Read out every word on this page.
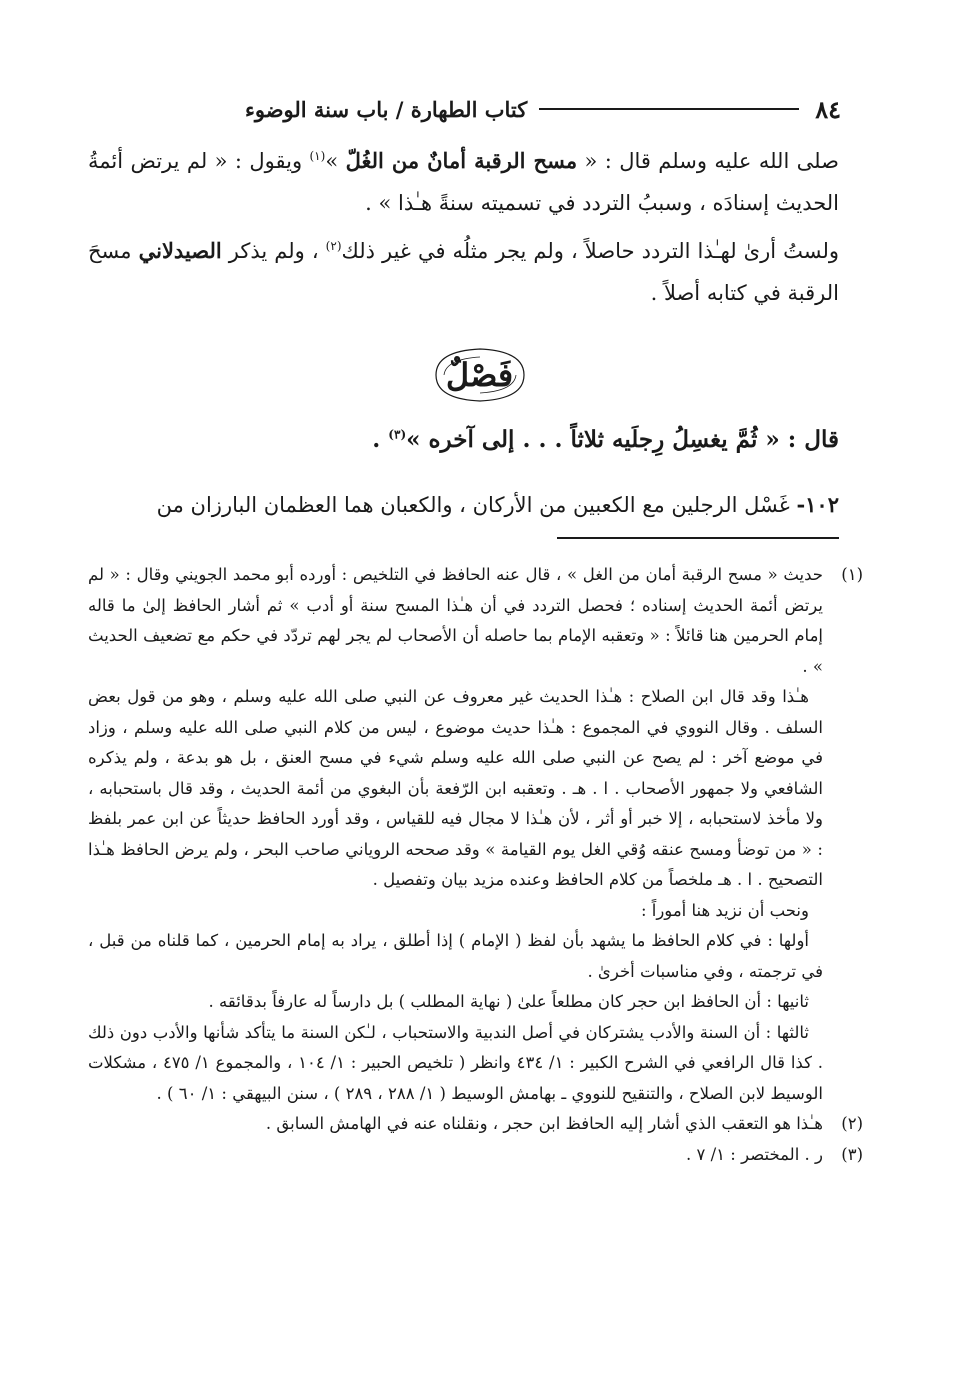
٨٤
كتاب الطهارة / باب سنة الوضوء

صلى الله عليه وسلم قال : « مسح الرقبة أمانٌ من الغُلّ »$^{(١)}$ ويقول : « لم يرتض أئمةُ الحديث إسنادَه ، وسببُ التردد في تسميته سنةً هـٰذا » .

ولستُ أرىٰ لهـٰذا التردد حاصلاً ، ولم يجر مثلُه في غير ذلك$^{(٢)}$ ، ولم يذكر الصيدلاني مسحَ الرقبة في كتابه أصلاً .

فَصْلٌ
قال : « ثُمَّ يغسِلُ رِجلَيه ثلاثاً . . . إلى آخره »$^{(٣)}$ .
١٠٢- غَسْل الرجلين مع الكعبين من الأركان ، والكعبان هما العظمان البارزان من
(١)

حديث « مسح الرقبة أمان من الغل » ، قال عنه الحافظ في التلخيص : أورده أبو محمد الجويني وقال : « لم يرتض أئمة الحديث إسناده ؛ فحصل التردد في أن هـٰذا المسح سنة أو أدب » ثم أشار الحافظ إلىٰ ما قاله إمام الحرمين هنا قائلاً : « وتعقبه الإمام بما حاصله أن الأصحاب لم يجر لهم تردّد في حكم مع تضعيف الحديث » .

هـٰذا وقد قال ابن الصلاح : هـٰذا الحديث غير معروف عن النبي صلى الله عليه وسلم ، وهو من قول بعض السلف . وقال النووي في المجموع : هـٰذا حديث موضوع ، ليس من كلام النبي صلى الله عليه وسلم ، وزاد في موضع آخر : لم يصح عن النبي صلى الله عليه وسلم شيء في مسح العنق ، بل هو بدعة ، ولم يذكره الشافعي ولا جمهور الأصحاب . ا . هـ . وتعقبه ابن الرّفعة بأن البغوي من أئمة الحديث ، وقد قال باستحبابه ، ولا مأخذ لاستحبابه ، إلا خبر أو أثر ، لأن هـٰذا لا مجال فيه للقياس ، وقد أورد الحافظ حديثاً عن ابن عمر بلفظ : « من توضأ ومسح عنقه وُقي الغل يوم القيامة » وقد صححه الروياني صاحب البحر ، ولم يرض الحافظ هـٰذا التصحيح . ا . هـ ملخصاً من كلام الحافظ وعنده مزيد بيان وتفصيل .

ونحب أن نزيد هنا أموراً :

أولها : في كلام الحافظ ما يشهد بأن لفظ ( الإمام ) إذا أطلق ، يراد به إمام الحرمين ، كما قلناه من قبل ، في ترجمته ، وفي مناسبات أخرىٰ .

ثانيها : أن الحافظ ابن حجر كان مطلعاً علىٰ ( نهاية المطلب ) بل دارساً له عارفاً بدقائقه .

ثالثها : أن السنة والأدب يشتركان في أصل الندبية والاستحباب ، لـٰكن السنة ما يتأكد شأنها والأدب دون ذلك . كذا قال الرافعي في الشرح الكبير : ١/ ٤٣٤ وانظر ( تلخيص الحبير : ١/ ١٠٤ ، والمجموع ١/ ٤٧٥ ، مشكلات الوسيط لابن الصلاح ، والتنقيح للنووي ـ بهامش الوسيط ( ١/ ٢٨٨ ، ٢٨٩ ) ، سنن البيهقي : ١/ ٦٠ ) .

(٢)
هـٰذا هو التعقب الذي أشار إليه الحافظ ابن حجر ، ونقلناه عنه في الهامش السابق .
(٣)
ر . المختصر : ١/ ٧ .
